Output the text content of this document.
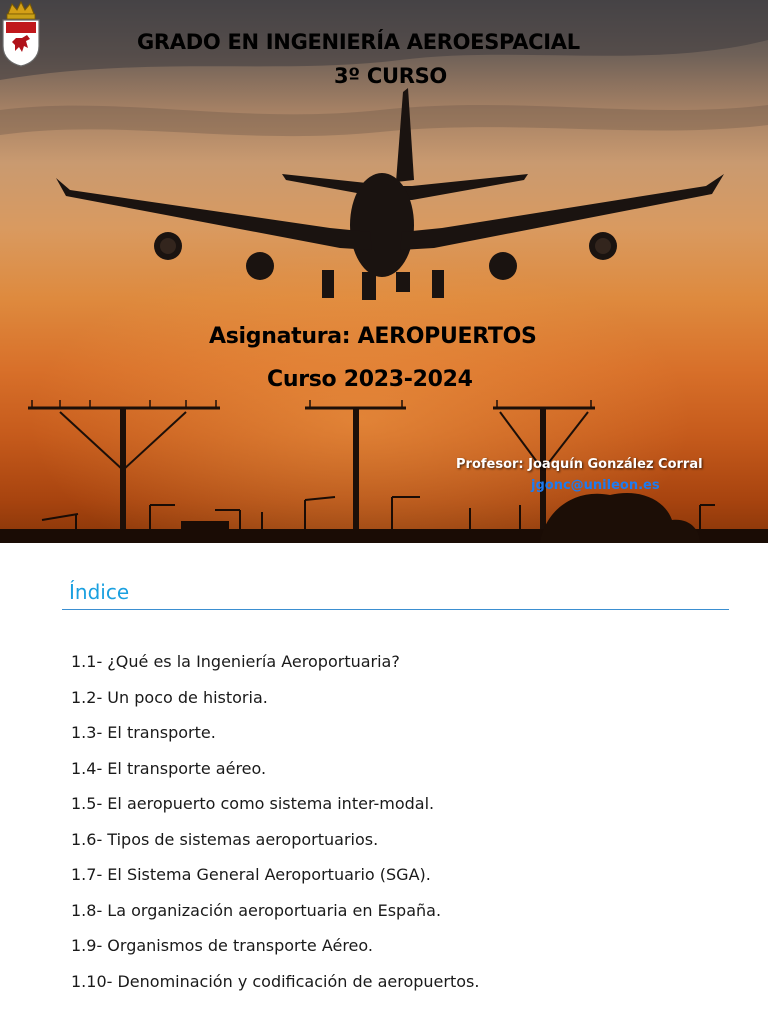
GRADO EN INGENIERÍA AEROESPACIAL
3º CURSO
Asignatura: AEROPUERTOS
Curso 2023-2024
Profesor: Joaquín González Corral
jgonc@unileon.es
Índice
1.1- ¿Qué es la Ingeniería Aeroportuaria?
1.2- Un poco de historia.
1.3- El transporte.
1.4- El transporte aéreo.
1.5- El aeropuerto como sistema inter-modal.
1.6- Tipos de sistemas aeroportuarios.
1.7- El Sistema General Aeroportuario (SGA).
1.8- La organización aeroportuaria en España.
1.9- Organismos de transporte Aéreo.
1.10- Denominación y codificación de aeropuertos.
